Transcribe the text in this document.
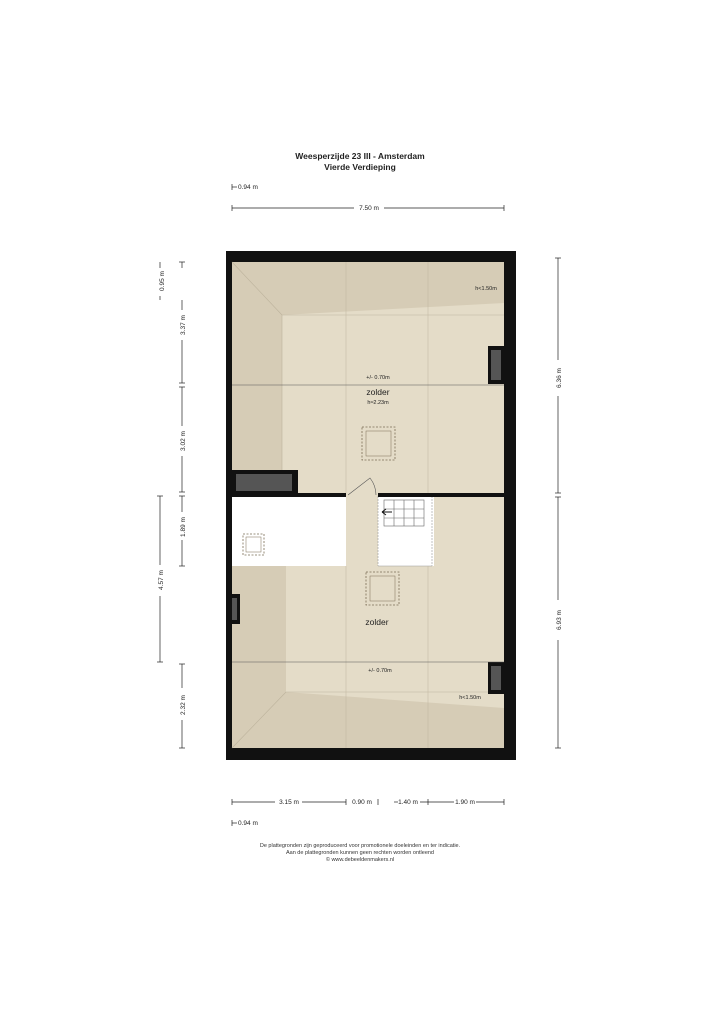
Weesperzijde 23 III - Amsterdam
Vierde Verdieping
+/- 0.70m
zolder
h≈2.23m
h<1.50m
zolder
+/- 0.70m
h<1.50m
0.94 m
7.50 m
0.95 m
3.37 m
3.02 m
1.89 m
4.57 m
2.32 m
6.36 m
6.93 m
3.15 m	0.90 m	1.40 m	1.90 m
0.94 m
De plattegronden zijn geproduceerd voor promotionele doeleinden en ter indicatie.
Aan de plattegronden kunnen geen rechten worden ontleend
© www.debeeldenmakers.nl
